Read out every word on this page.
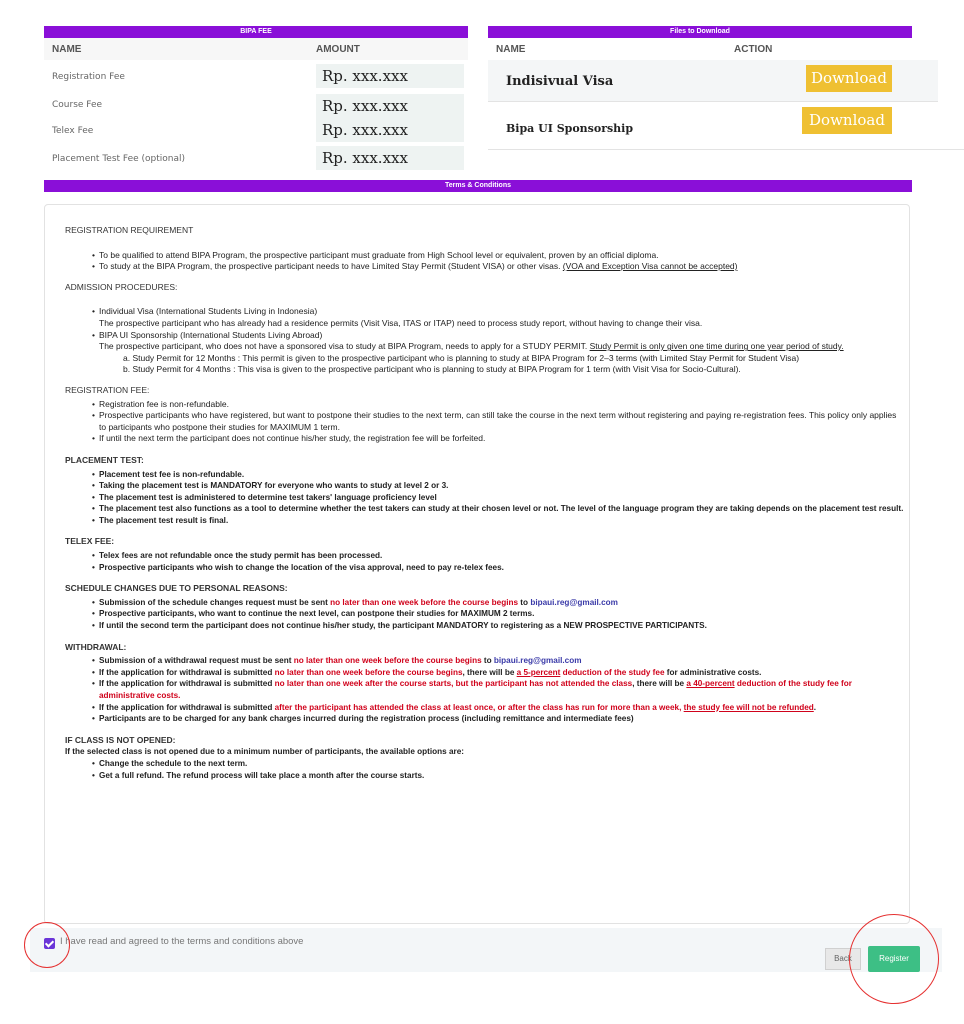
BIPA FEE
NAME	AMOUNT
Registration Fee	Rp. xxx.xxx
Course Fee	Rp. xxx.xxx
Telex Fee	Rp. xxx.xxx
Placement Test Fee (optional)	Rp. xxx.xxx
Files to Download
NAME	ACTION
Indisivual Visa	Download
Bipa UI Sponsorship	Download
Terms & Conditions
REGISTRATION REQUIREMENT
• To be qualified to attend BIPA Program, the prospective participant must graduate from High School level or equivalent, proven by an official diploma.
• To study at the BIPA Program, the prospective participant needs to have Limited Stay Permit (Student VISA) or other visas. (VOA and Exception Visa cannot be accepted)
ADMISSION PROCEDURES:
• Individual Visa (International Students Living in Indonesia)
The prospective participant who has already had a residence permits (Visit Visa, ITAS or ITAP) need to process study report, without having to change their visa.
• BIPA UI Sponsorship (International Students Living Abroad)
The prospective participant, who does not have a sponsored visa to study at BIPA Program, needs to apply for a STUDY PERMIT. Study Permit is only given one time during one year period of study.
a. Study Permit for 12 Months : This permit is given to the prospective participant who is planning to study at BIPA Program for 2–3 terms (with Limited Stay Permit for Student Visa)
b. Study Permit for 4 Months : This visa is given to the prospective participant who is planning to study at BIPA Program for 1 term (with Visit Visa for Socio-Cultural).
REGISTRATION FEE:
• Registration fee is non-refundable.
• Prospective participants who have registered, but want to postpone their studies to the next term, can still take the course in the next term without registering and paying re-registration fees. This policy only applies to participants who postpone their studies for MAXIMUM 1 term.
• If until the next term the participant does not continue his/her study, the registration fee will be forfeited.
PLACEMENT TEST:
• Placement test fee is non-refundable.
• Taking the placement test is MANDATORY for everyone who wants to study at level 2 or 3.
• The placement test is administered to determine test takers' language proficiency level
• The placement test also functions as a tool to determine whether the test takers can study at their chosen level or not. The level of the language program they are taking depends on the placement test result.
• The placement test result is final.
TELEX FEE:
• Telex fees are not refundable once the study permit has been processed.
• Prospective participants who wish to change the location of the visa approval, need to pay re-telex fees.
SCHEDULE CHANGES DUE TO PERSONAL REASONS:
• Submission of the schedule changes request must be sent no later than one week before the course begins to bipaui.reg@gmail.com
• Prospective participants, who want to continue the next level, can postpone their studies for MAXIMUM 2 terms.
• If until the second term the participant does not continue his/her study, the participant MANDATORY to registering as a NEW PROSPECTIVE PARTICIPANTS.
WITHDRAWAL:
• Submission of a withdrawal request must be sent no later than one week before the course begins to bipaui.reg@gmail.com
• If the application for withdrawal is submitted no later than one week before the course begins, there will be a 5-percent deduction of the study fee for administrative costs.
• If the application for withdrawal is submitted no later than one week after the course starts, but the participant has not attended the class, there will be a 40-percent deduction of the study fee for administrative costs.
• If the application for withdrawal is submitted after the participant has attended the class at least once, or after the class has run for more than a week, the study fee will not be refunded.
• Participants are to be charged for any bank charges incurred during the registration process (including remittance and intermediate fees)
IF CLASS IS NOT OPENED:
If the selected class is not opened due to a minimum number of participants, the available options are:
• Change the schedule to the next term.
• Get a full refund. The refund process will take place a month after the course starts.
I have read and agreed to the terms and conditions above
Back	Register
